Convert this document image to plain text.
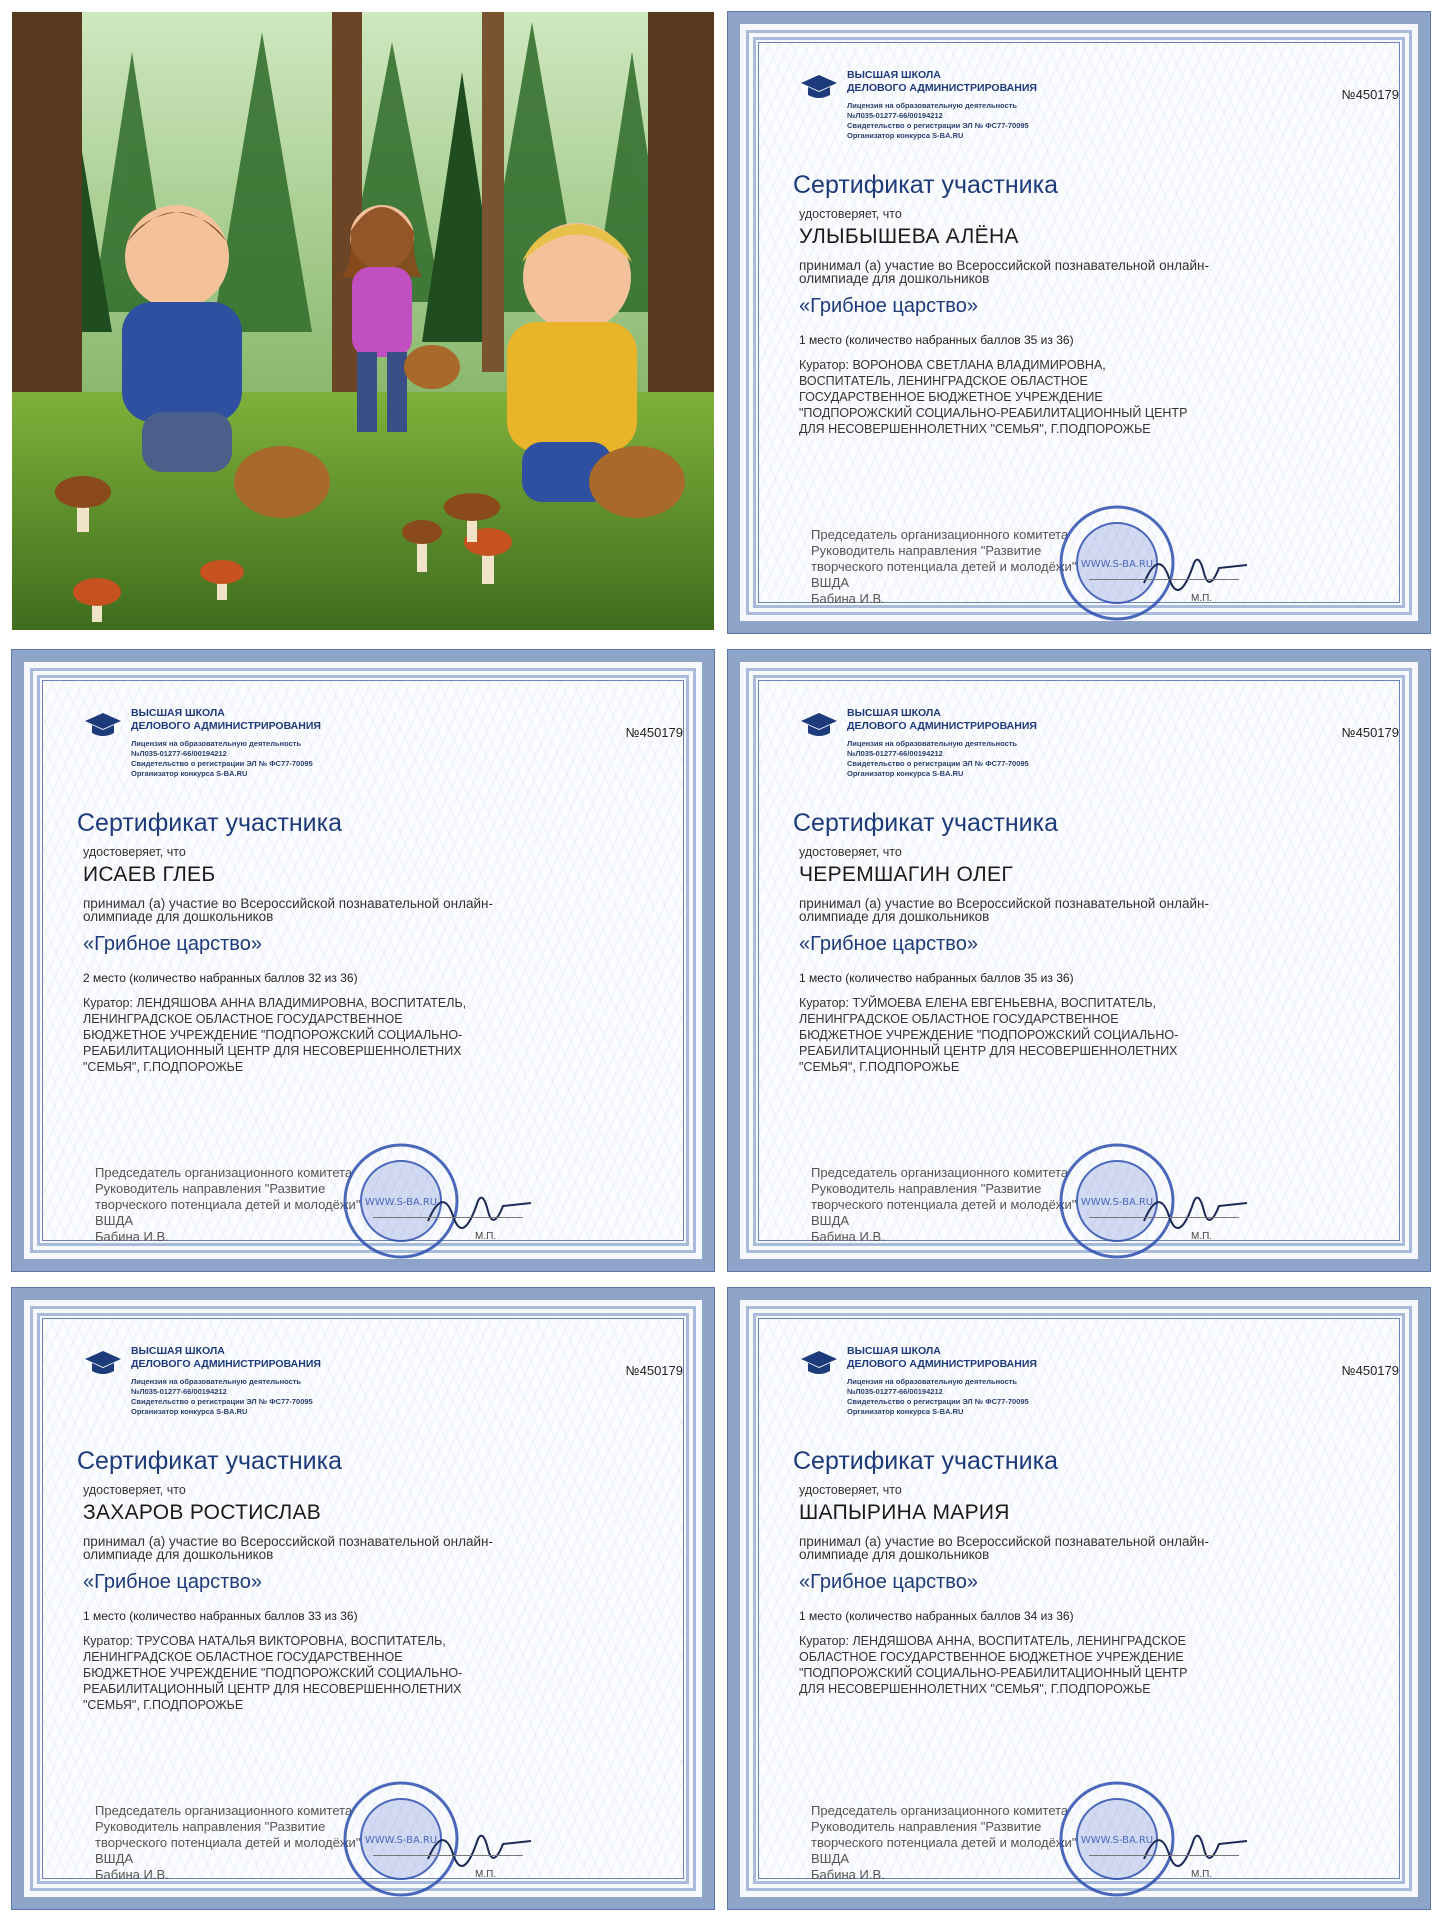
ВЫСШАЯ ШКОЛА
ДЕЛОВОГО АДМИНИСТРИРОВАНИЯ
Лицензия на образовательную деятельность
№Л035-01277-66/00194212
Свидетельство о регистрации ЭЛ № ФС77-70095
Организатор конкурса S-BA.RU
№450179
Сертификат участника
удостоверяет, что
УЛЫБЫШЕВА АЛЁНА
принимал (а) участие во Всероссийской познавательной онлайн-олимпиаде для дошкольников
«Грибное царство»
1 место (количество набранных баллов 35 из 36)
Куратор: ВОРОНОВА СВЕТЛАНА ВЛАДИМИРОВНА, ВОСПИТАТЕЛЬ, ЛЕНИНГРАДСКОЕ ОБЛАСТНОЕ ГОСУДАРСТВЕННОЕ БЮДЖЕТНОЕ УЧРЕЖДЕНИЕ "ПОДПОРОЖСКИЙ СОЦИАЛЬНО-РЕАБИЛИТАЦИОННЫЙ ЦЕНТР ДЛЯ НЕСОВЕРШЕННОЛЕТНИХ "СЕМЬЯ", Г.ПОДПОРОЖЬЕ
Председатель организационного комитета
Руководитель направления "Развитие творческого потенциала детей и молодёжи" ВШДА
Бабина И.В.
WWW.S-BA.RU
М.П.
ВЫСШАЯ ШКОЛА
ДЕЛОВОГО АДМИНИСТРИРОВАНИЯ
Лицензия на образовательную деятельность
№Л035-01277-66/00194212
Свидетельство о регистрации ЭЛ № ФС77-70095
Организатор конкурса S-BA.RU
№450179
Сертификат участника
удостоверяет, что
ИСАЕВ ГЛЕБ
принимал (а) участие во Всероссийской познавательной онлайн-олимпиаде для дошкольников
«Грибное царство»
2 место (количество набранных баллов 32 из 36)
Куратор: ЛЕНДЯШОВА АННА ВЛАДИМИРОВНА, ВОСПИТАТЕЛЬ, ЛЕНИНГРАДСКОЕ ОБЛАСТНОЕ ГОСУДАРСТВЕННОЕ БЮДЖЕТНОЕ УЧРЕЖДЕНИЕ "ПОДПОРОЖСКИЙ СОЦИАЛЬНО-РЕАБИЛИТАЦИОННЫЙ ЦЕНТР ДЛЯ НЕСОВЕРШЕННОЛЕТНИХ "СЕМЬЯ", Г.ПОДПОРОЖЬЕ
Председатель организационного комитета
Руководитель направления "Развитие творческого потенциала детей и молодёжи" ВШДА
Бабина И.В.
WWW.S-BA.RU
М.П.
ВЫСШАЯ ШКОЛА
ДЕЛОВОГО АДМИНИСТРИРОВАНИЯ
Лицензия на образовательную деятельность
№Л035-01277-66/00194212
Свидетельство о регистрации ЭЛ № ФС77-70095
Организатор конкурса S-BA.RU
№450179
Сертификат участника
удостоверяет, что
ЧЕРЕМШАГИН ОЛЕГ
принимал (а) участие во Всероссийской познавательной онлайн-олимпиаде для дошкольников
«Грибное царство»
1 место (количество набранных баллов 35 из 36)
Куратор: ТУЙМОЕВА ЕЛЕНА ЕВГЕНЬЕВНА, ВОСПИТАТЕЛЬ, ЛЕНИНГРАДСКОЕ ОБЛАСТНОЕ ГОСУДАРСТВЕННОЕ БЮДЖЕТНОЕ УЧРЕЖДЕНИЕ "ПОДПОРОЖСКИЙ СОЦИАЛЬНО-РЕАБИЛИТАЦИОННЫЙ ЦЕНТР ДЛЯ НЕСОВЕРШЕННОЛЕТНИХ "СЕМЬЯ", Г.ПОДПОРОЖЬЕ
Председатель организационного комитета
Руководитель направления "Развитие творческого потенциала детей и молодёжи" ВШДА
Бабина И.В.
WWW.S-BA.RU
М.П.
ВЫСШАЯ ШКОЛА
ДЕЛОВОГО АДМИНИСТРИРОВАНИЯ
Лицензия на образовательную деятельность
№Л035-01277-66/00194212
Свидетельство о регистрации ЭЛ № ФС77-70095
Организатор конкурса S-BA.RU
№450179
Сертификат участника
удостоверяет, что
ЗАХАРОВ РОСТИСЛАВ
принимал (а) участие во Всероссийской познавательной онлайн-олимпиаде для дошкольников
«Грибное царство»
1 место (количество набранных баллов 33 из 36)
Куратор: ТРУСОВА НАТАЛЬЯ ВИКТОРОВНА, ВОСПИТАТЕЛЬ, ЛЕНИНГРАДСКОЕ ОБЛАСТНОЕ ГОСУДАРСТВЕННОЕ БЮДЖЕТНОЕ УЧРЕЖДЕНИЕ "ПОДПОРОЖСКИЙ СОЦИАЛЬНО-РЕАБИЛИТАЦИОННЫЙ ЦЕНТР ДЛЯ НЕСОВЕРШЕННОЛЕТНИХ "СЕМЬЯ", Г.ПОДПОРОЖЬЕ
Председатель организационного комитета
Руководитель направления "Развитие творческого потенциала детей и молодёжи" ВШДА
Бабина И.В.
WWW.S-BA.RU
М.П.
ВЫСШАЯ ШКОЛА
ДЕЛОВОГО АДМИНИСТРИРОВАНИЯ
Лицензия на образовательную деятельность
№Л035-01277-66/00194212
Свидетельство о регистрации ЭЛ № ФС77-70095
Организатор конкурса S-BA.RU
№450179
Сертификат участника
удостоверяет, что
ШАПЫРИНА МАРИЯ
принимал (а) участие во Всероссийской познавательной онлайн-олимпиаде для дошкольников
«Грибное царство»
1 место (количество набранных баллов 34 из 36)
Куратор: ЛЕНДЯШОВА АННА, ВОСПИТАТЕЛЬ, ЛЕНИНГРАДСКОЕ ОБЛАСТНОЕ ГОСУДАРСТВЕННОЕ БЮДЖЕТНОЕ УЧРЕЖДЕНИЕ "ПОДПОРОЖСКИЙ СОЦИАЛЬНО-РЕАБИЛИТАЦИОННЫЙ ЦЕНТР ДЛЯ НЕСОВЕРШЕННОЛЕТНИХ "СЕМЬЯ", Г.ПОДПОРОЖЬЕ
Председатель организационного комитета
Руководитель направления "Развитие творческого потенциала детей и молодёжи" ВШДА
Бабина И.В.
WWW.S-BA.RU
М.П.
